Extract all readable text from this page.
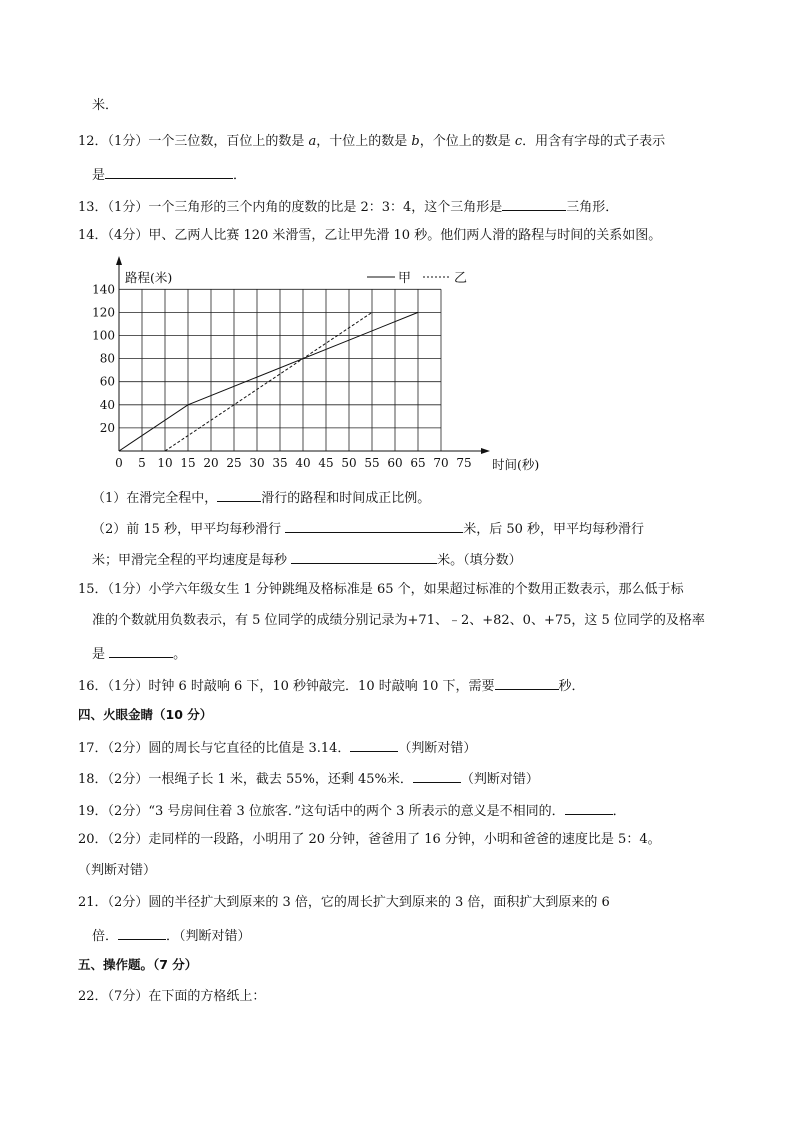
米．
12．（1分）一个三位数，百位上的数是 a，十位上的数是 b，个位上的数是 c．用含有字母的式子表示
是	．
13．（1分）一个三角形的三个内角的度数的比是 2：3：4，这个三角形是	三角形．
14．（4分）甲、乙两人比赛 120 米滑雪，乙让甲先滑 10 秒。他们两人滑的路程与时间的关系如图。
0 5 10 15 20 25 30 35 40 45 50 55 60 65 70 75
20
40
60
80
100
120
140
时间(秒)
路程(米)	甲	乙
（1）在滑完全程中，	滑行的路程和时间成正比例。
（2）前 15 秒，甲平均每秒滑行	米，后 50 秒，甲平均每秒滑行
米；甲滑完全程的平均速度是每秒	米。（填分数）
15．（1分）小学六年级女生 1 分钟跳绳及格标准是 65 个，如果超过标准的个数用正数表示，那么低于标
准的个数就用负数表示，有 5 位同学的成绩分别记录为+71、﹣2、+82、0、+75，这 5 位同学的及格率
是	。
16．（1分）时钟 6 时敲响 6 下，10 秒钟敲完．10 时敲响 10 下，需要	秒．
四、火眼金睛（10 分）
17．（2分）圆的周长与它直径的比值是 3.14．	（判断对错）
18．（2分）一根绳子长 1 米，截去 55%，还剩 45%米．	（判断对错）
19．（2分）“3 号房间住着 3 位旅客．”这句话中的两个 3 所表示的意义是不相同的．	．
20．（2分）走同样的一段路，小明用了 20 分钟，爸爸用了 16 分钟，小明和爸爸的速度比是 5：4。
（判断对错）
21．（2分）圆的半径扩大到原来的 3 倍，它的周长扩大到原来的 3 倍，面积扩大到原来的 6
倍．	．（判断对错）
五、操作题。（7 分）
22．（7分）在下面的方格纸上：
